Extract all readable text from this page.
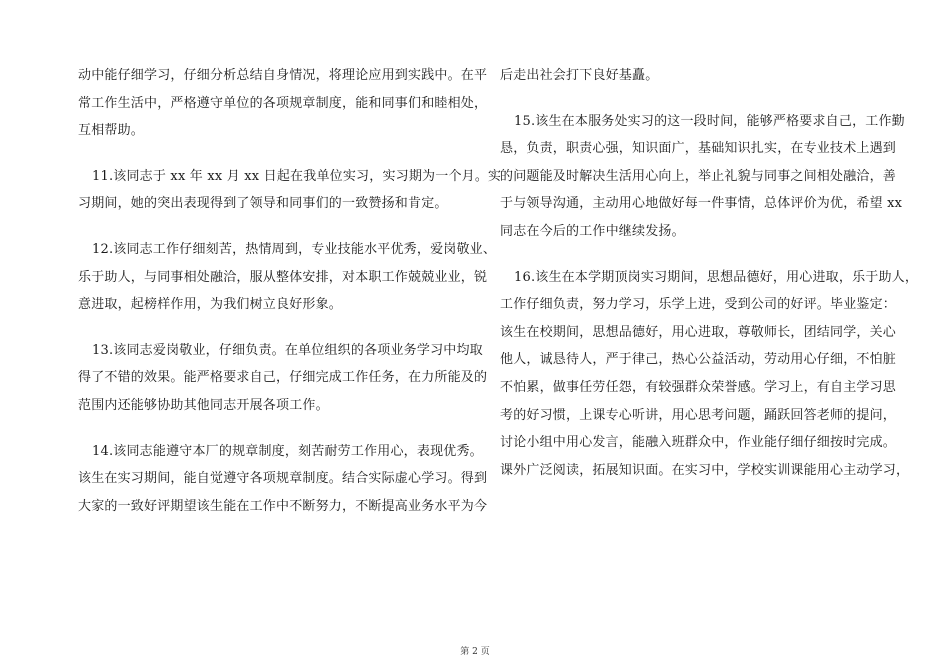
动中能仔细学习，仔细分析总结自身情况，将理论应用到实践中。在平
常工作生活中，严格遵守单位的各项规章制度，能和同事们和睦相处，
互相帮助。
11.该同志于 xx 年 xx 月 xx 日起在我单位实习，实习期为一个月。实
习期间，她的突出表现得到了领导和同事们的一致赞扬和肯定。
12.该同志工作仔细刻苦，热情周到，专业技能水平优秀，爱岗敬业、
乐于助人，与同事相处融洽，服从整体安排，对本职工作兢兢业业，锐
意进取，起榜样作用，为我们树立良好形象。
13.该同志爱岗敬业，仔细负责。在单位组织的各项业务学习中均取
得了不错的效果。能严格要求自己，仔细完成工作任务，在力所能及的
范围内还能够协助其他同志开展各项工作。
14.该同志能遵守本厂的规章制度，刻苦耐劳工作用心，表现优秀。
该生在实习期间，能自觉遵守各项规章制度。结合实际虚心学习。得到
大家的一致好评期望该生能在工作中不断努力，不断提高业务水平为今
后走出社会打下良好基矗。
15.该生在本服务处实习的这一段时间，能够严格要求自己，工作勤
恳，负责，职责心强，知识面广，基础知识扎实，在专业技术上遇到
的问题能及时解决生活用心向上，举止礼貌与同事之间相处融洽，善
于与领导沟通，主动用心地做好每一件事情，总体评价为优，希望 xx
同志在今后的工作中继续发扬。
16.该生在本学期顶岗实习期间，思想品德好，用心进取，乐于助人，
工作仔细负责，努力学习，乐学上进，受到公司的好评。毕业鉴定：
该生在校期间，思想品德好，用心进取，尊敬师长，团结同学，关心
他人，诚恳待人，严于律己，热心公益活动，劳动用心仔细，不怕脏
不怕累，做事任劳任怨，有较强群众荣誉感。学习上，有自主学习思
考的好习惯，上课专心听讲，用心思考问题，踊跃回答老师的提问，
讨论小组中用心发言，能融入班群众中，作业能仔细仔细按时完成。
课外广泛阅读，拓展知识面。在实习中，学校实训课能用心主动学习，
第 2 页
